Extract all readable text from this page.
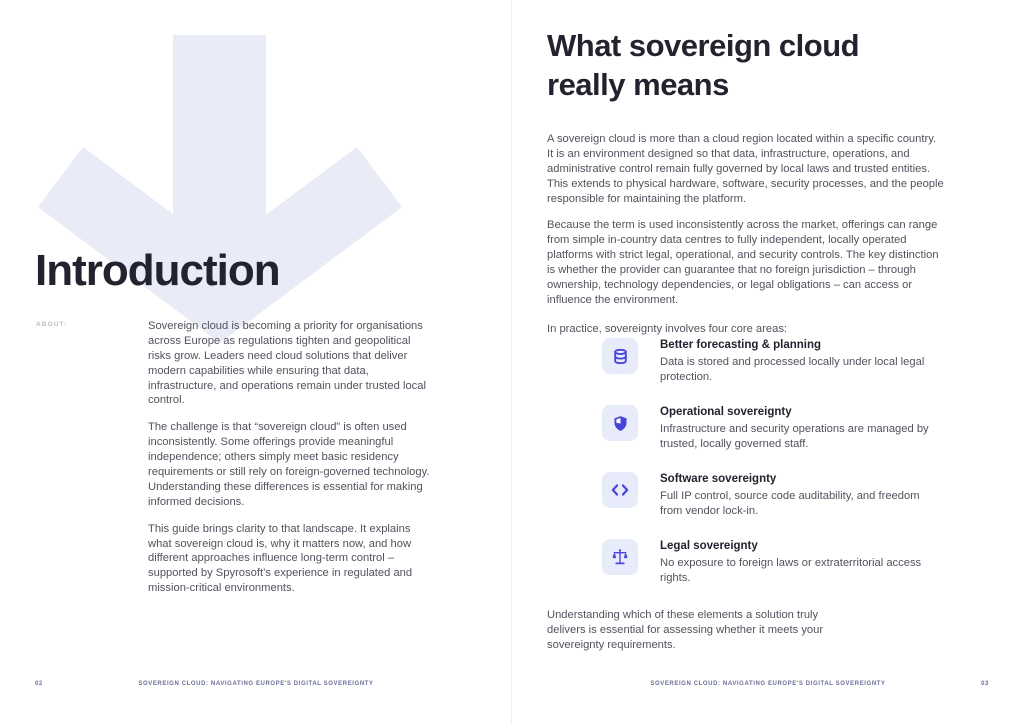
Introduction
ABOUT:	Sovereign cloud is becoming a priority for organisations across Europe as regulations tighten and geopolitical risks grow. Leaders need cloud solutions that deliver modern capabilities while ensuring that data, infrastructure, and operations remain under trusted local control.

The challenge is that “sovereign cloud” is often used inconsistently. Some offerings provide meaningful independence; others simply meet basic residency requirements or still rely on foreign-governed technology. Understanding these differences is essential for making informed decisions.

This guide brings clarity to that landscape. It explains what sovereign cloud is, why it matters now, and how different approaches influence long-term control – supported by Spyrosoft’s experience in regulated and mission-critical environments.

02	SOVEREIGN CLOUD: NAVIGATING EUROPE'S DIGITAL SOVEREIGNTY
What sovereign cloud
really means

A sovereign cloud is more than a cloud region located within a specific country. It is an environment designed so that data, infrastructure, operations, and administrative control remain fully governed by local laws and trusted entities. This extends to physical hardware, software, security processes, and the people responsible for maintaining the platform.

Because the term is used inconsistently across the market, offerings can range from simple in-country data centres to fully independent, locally operated platforms with strict legal, operational, and security controls. The key distinction is whether the provider can guarantee that no foreign jurisdiction – through ownership, technology dependencies, or legal obligations – can access or influence the environment.

In practice, sovereignty involves four core areas:

Better forecasting & planning
Data is stored and processed locally under local legal protection.
Operational sovereignty
Infrastructure and security operations are managed by trusted, locally governed staff.
Software sovereignty
Full IP control, source code auditability, and freedom from vendor lock-in.
Legal sovereignty
No exposure to foreign laws or extraterritorial access rights.
Understanding which of these elements a solution truly delivers is essential for assessing whether it meets your sovereignty requirements.
SOVEREIGN CLOUD: NAVIGATING EUROPE'S DIGITAL SOVEREIGNTY	03
